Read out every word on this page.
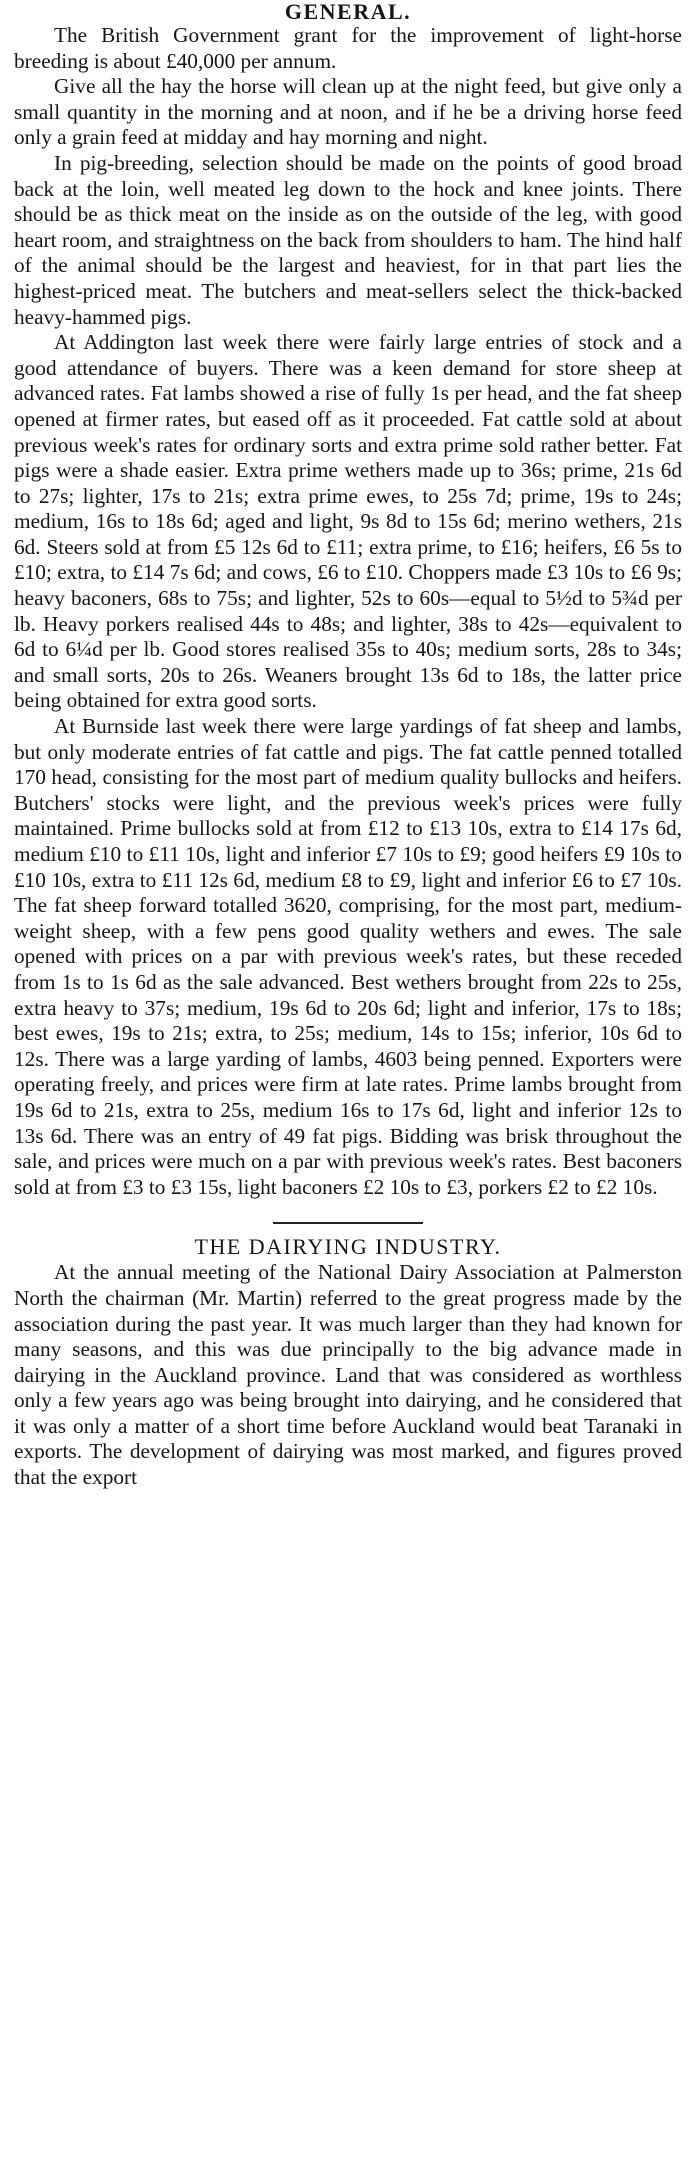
GENERAL.

The British Government grant for the improvement of light-horse breeding is about £40,000 per annum.

Give all the hay the horse will clean up at the night feed, but give only a small quantity in the morning and at noon, and if he be a driving horse feed only a grain feed at midday and hay morning and night.

In pig-breeding, selection should be made on the points of good broad back at the loin, well meated leg down to the hock and knee joints. There should be as thick meat on the inside as on the outside of the leg, with good heart room, and straightness on the back from shoulders to ham. The hind half of the animal should be the largest and heaviest, for in that part lies the highest-priced meat. The butchers and meat-sellers select the thick-backed heavy-hammed pigs.

At Addington last week there were fairly large entries of stock and a good attendance of buyers. There was a keen demand for store sheep at advanced rates. Fat lambs showed a rise of fully 1s per head, and the fat sheep opened at firmer rates, but eased off as it proceeded. Fat cattle sold at about previous week's rates for ordinary sorts and extra prime sold rather better. Fat pigs were a shade easier. Extra prime wethers made up to 36s; prime, 21s 6d to 27s; lighter, 17s to 21s; extra prime ewes, to 25s 7d; prime, 19s to 24s; medium, 16s to 18s 6d; aged and light, 9s 8d to 15s 6d; merino wethers, 21s 6d. Steers sold at from £5 12s 6d to £11; extra prime, to £16; heifers, £6 5s to £10; extra, to £14 7s 6d; and cows, £6 to £10. Choppers made £3 10s to £6 9s; heavy baconers, 68s to 75s; and lighter, 52s to 60s—equal to 5½d to 5¾d per lb. Heavy porkers realised 44s to 48s; and lighter, 38s to 42s—equivalent to 6d to 6¼d per lb. Good stores realised 35s to 40s; medium sorts, 28s to 34s; and small sorts, 20s to 26s. Weaners brought 13s 6d to 18s, the latter price being obtained for extra good sorts.

At Burnside last week there were large yardings of fat sheep and lambs, but only moderate entries of fat cattle and pigs. The fat cattle penned totalled 170 head, consisting for the most part of medium quality bullocks and heifers. Butchers' stocks were light, and the previous week's prices were fully maintained. Prime bullocks sold at from £12 to £13 10s, extra to £14 17s 6d, medium £10 to £11 10s, light and inferior £7 10s to £9; good heifers £9 10s to £10 10s, extra to £11 12s 6d, medium £8 to £9, light and inferior £6 to £7 10s. The fat sheep forward totalled 3620, comprising, for the most part, medium-weight sheep, with a few pens good quality wethers and ewes. The sale opened with prices on a par with previous week's rates, but these receded from 1s to 1s 6d as the sale advanced. Best wethers brought from 22s to 25s, extra heavy to 37s; medium, 19s 6d to 20s 6d; light and inferior, 17s to 18s; best ewes, 19s to 21s; extra, to 25s; medium, 14s to 15s; inferior, 10s 6d to 12s. There was a large yarding of lambs, 4603 being penned. Exporters were operating freely, and prices were firm at late rates. Prime lambs brought from 19s 6d to 21s, extra to 25s, medium 16s to 17s 6d, light and inferior 12s to 13s 6d. There was an entry of 49 fat pigs. Bidding was brisk throughout the sale, and prices were much on a par with previous week's rates. Best baconers sold at from £3 to £3 15s, light baconers £2 10s to £3, porkers £2 to £2 10s.

THE DAIRYING INDUSTRY.

At the annual meeting of the National Dairy Association at Palmerston North the chairman (Mr. Martin) referred to the great progress made by the association during the past year. It was much larger than they had known for many seasons, and this was due principally to the big advance made in dairying in the Auckland province. Land that was considered as worthless only a few years ago was being brought into dairying, and he considered that it was only a matter of a short time before Auckland would beat Taranaki in exports. The development of dairying was most marked, and figures proved that the export
